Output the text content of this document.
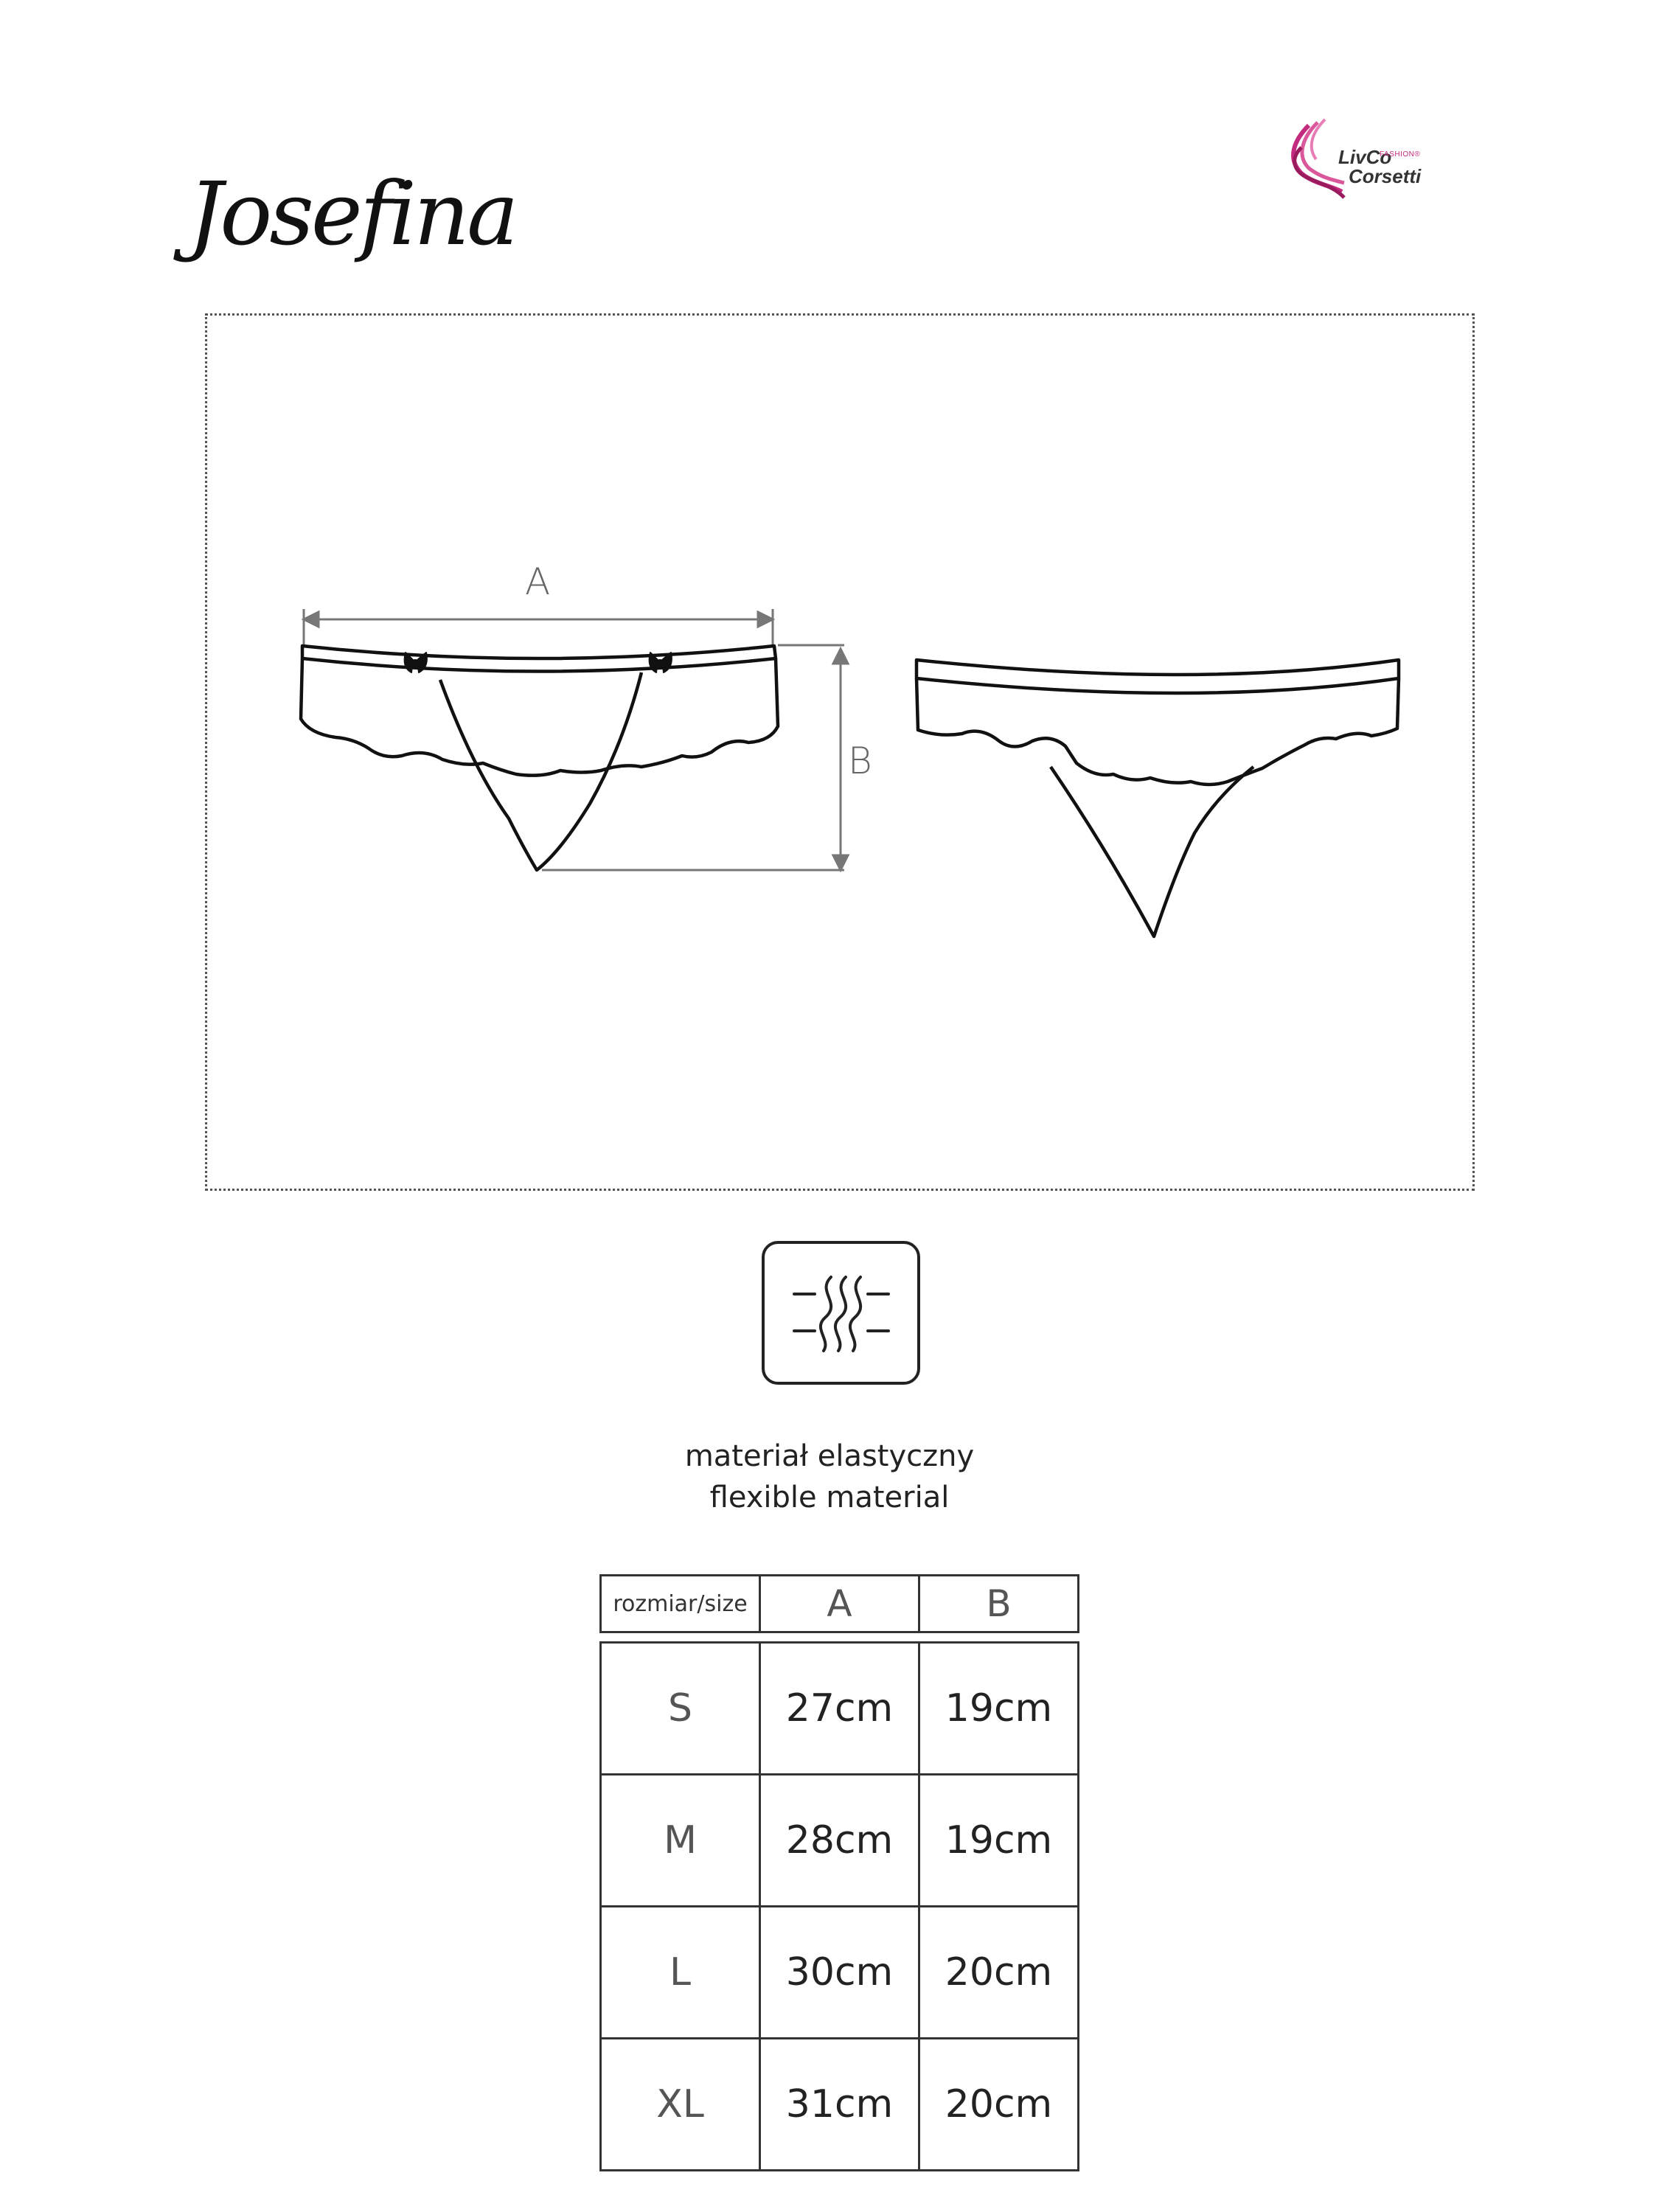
Josefina
LivCo
FASHION®
Corsetti
A
B
materiał elastyczny
flexible material
rozmiar/size	A	B
S	27cm	19cm
M	28cm	19cm
L	30cm	20cm
XL	31cm	20cm
